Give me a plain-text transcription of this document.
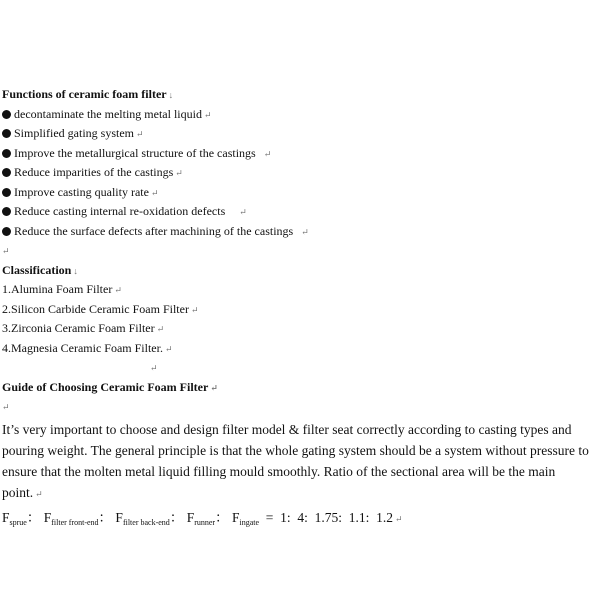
Functions of ceramic foam filter ↓
decontaminate the melting metal liquid ↵
Simplified gating system ↵
Improve the metallurgical structure of the castings ↵
Reduce imparities of the castings ↵
Improve casting quality rate ↵
Reduce casting internal re-oxidation defects ↵
Reduce the surface defects after machining of the castings ↵
↵
Classification ↓
1.Alumina Foam Filter ↵
2.Silicon Carbide Ceramic Foam Filter ↵
3.Zirconia Ceramic Foam Filter ↵
4.Magnesia Ceramic Foam Filter. ↵
↵
Guide of Choosing Ceramic Foam Filter ↵
↵
It’s very important to choose and design filter model & filter seat correctly according to casting types and pouring weight. The general principle is that the whole gating system should be a system without pressure to ensure that the molten metal liquid filling mould smoothly. Ratio of the sectional area will be the main point. ↵
$F_{sprue}$： $F_{filter front-end}$： $F_{filter back-end}$： $F_{runner}$： $F_{ingate} = 1$:  4:  1.75:  1.1:  1.2 ↵
